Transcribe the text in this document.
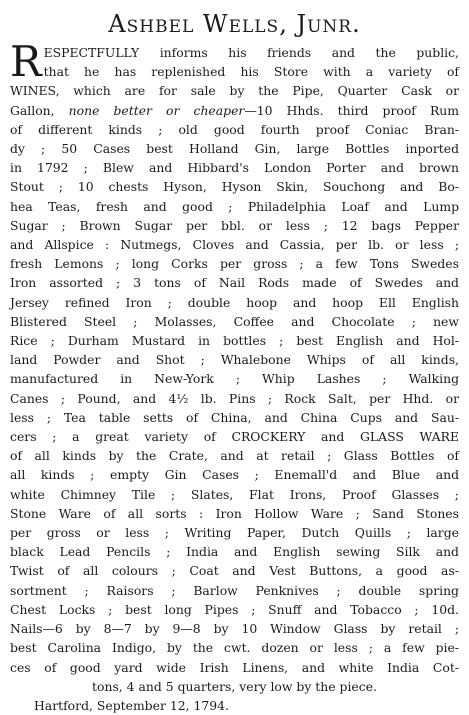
Ashbel Wells, Junr.
R ESPECTFULLY informs his friends and the public,
that he has replenished his Store with a variety of
WINES, which are for sale by the Pipe, Quarter Cask or
Gallon, none better or cheaper—10 Hhds. third proof Rum
of different kinds ; old good fourth proof Coniac Bran-
dy ; 50 Cases best Holland Gin, large Bottles inported
in 1792 ; Blew and Hibbard's London Porter and brown
Stout ; 10 chests Hyson, Hyson Skin, Souchong and Bo-
hea Teas, fresh and good ; Philadelphia Loaf and Lump
Sugar ; Brown Sugar per bbl. or less ; 12 bags Pepper
and Allspice : Nutmegs, Cloves and Cassia, per lb. or less ;
fresh Lemons ; long Corks per gross ; a few Tons Swedes
Iron assorted ; 3 tons of Nail Rods made of Swedes and
Jersey refined Iron ; double hoop and hoop Ell English
Blistered Steel ; Molasses, Coffee and Chocolate ; new
Rice ; Durham Mustard in bottles ; best English and Hol-
land Powder and Shot ; Whalebone Whips of all kinds,
manufactured in New-York ; Whip Lashes ; Walking
Canes ; Pound, and 4½ lb. Pins ; Rock Salt, per Hhd. or
less ; Tea table setts of China, and China Cups and Sau-
cers ; a great variety of CROCKERY and GLASS WARE
of all kinds by the Crate, and at retail ; Glass Bottles of
all kinds ; empty Gin Cases ; Enemall'd and Blue and
white Chimney Tile ; Slates, Flat Irons, Proof Glasses ;
Stone Ware of all sorts : Iron Hollow Ware ; Sand Stones
per gross or less ; Writing Paper, Dutch Quills ; large
black Lead Pencils ; India and English sewing Silk and
Twist of all colours ; Coat and Vest Buttons, a good as-
sortment ; Raisors ; Barlow Penknives ; double spring
Chest Locks ; best long Pipes ; Snuff and Tobacco ; 10d.
Nails—6 by 8—7 by 9—8 by 10 Window Glass by retail ;
best Carolina Indigo, by the cwt. dozen or less ; a few pie-
ces of good yard wide Irish Linens, and white India Cot-
tons, 4 and 5 quarters, very low by the piece.
Hartford, September 12, 1794.
